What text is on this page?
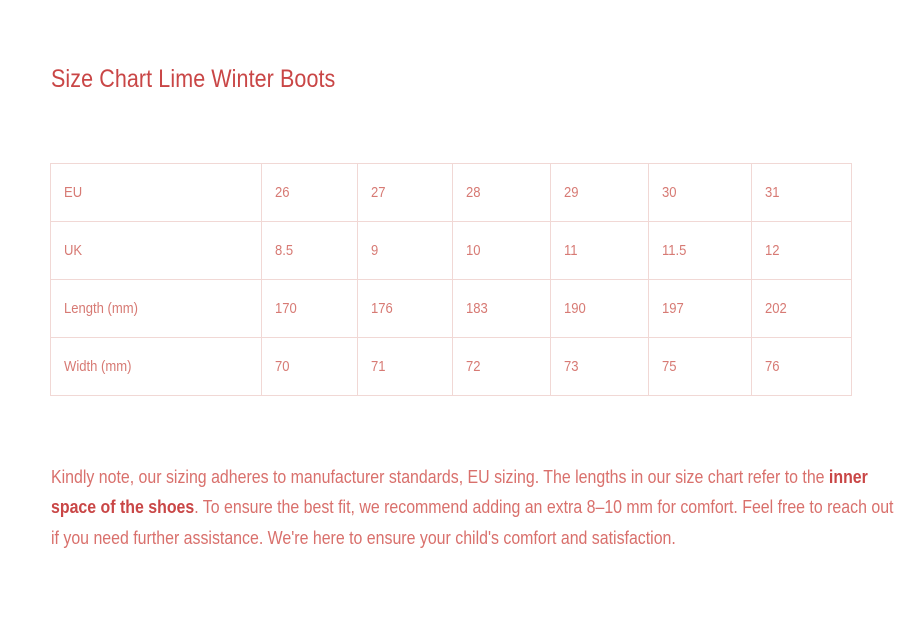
Size Chart Lime Winter Boots
EU	26	27	28	29	30	31
UK	8.5	9	10	11	11.5	12
Length (mm)	170	176	183	190	197	202
Width (mm)	70	71	72	73	75	76

Kindly note, our sizing adheres to manufacturer standards, EU sizing. The lengths in our size chart refer to the inner space of the shoes. To ensure the best fit, we recommend adding an extra 8–10 mm for comfort. Feel free to reach out if you need further assistance. We're here to ensure your child's comfort and satisfaction.
